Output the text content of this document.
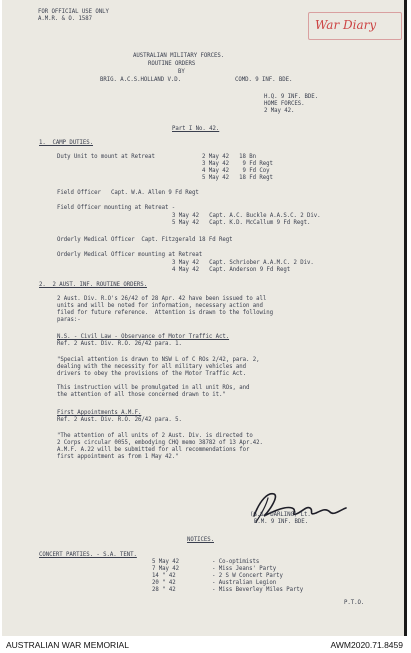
War Diary
FOR OFFICIAL USE ONLY
A.M.R. & O. 1587
AUSTRALIAN MILITARY FORCES.
ROUTINE ORDERS
BY
BRIG. A.C.S.HOLLAND V.D.	COMD. 9 INF. BDE.
H.Q. 9 INF. BDE.
HOME FORCES.
2 May 42.
Part I No. 42.
1.  CAMP DUTIES.
Duty Unit to mount at Retreat	2 May 42   18 Bn
3 May 42    9 Fd Regt
4 May 42    9 Fd Coy
5 May 42   18 Fd Regt
Field Officer   Capt. W.A. Allen 9 Fd Regt
Field Officer mounting at Retreat -
3 May 42   Capt. A.C. Buckle A.A.S.C. 2 Div.
5 May 42   Capt. K.D. McCallum 9 Fd Regt.
Orderly Medical Officer  Capt. Fitzgerald 18 Fd Regt
Orderly Medical Officer mounting at Retreat
3 May 42   Capt. Schriober A.A.M.C. 2 Div.
4 May 42   Capt. Anderson 9 Fd Regt
2.  2 AUST. INF. ROUTINE ORDERS.
2 Aust. Div. R.O's 26/42 of 28 Apr. 42 have been issued to all
units and will be noted for information, necessary action and
filed for future reference.  Attention is drawn to the following
paras:-
N.S. - Civil Law - Observance of Motor Traffic Act.
Ref. 2 Aust. Div. R.O. 26/42 para. 1.
"Special attention is drawn to NSW L of C ROs 2/42, para. 2,
dealing with the necessity for all military vehicles and
drivers to obey the provisions of the Motor Traffic Act.
This instruction will be promulgated in all unit ROs, and
the attention of all those concerned drawn to it."
First Appointments A.M.F.
Ref. 2 Aust. Div. R.O. 26/42 para. 5.
"The attention of all units of 2 Aust. Div. is directed to
2 Corps circular 0055, embodying CHQ memo 38782 of 13 Apr.42.
A.M.F. A.22 will be submitted for all recommendations for
first appointment as from 1 May 42."
(G.S. DARLING) Lt.
B.M. 9 INF. BDE.
NOTICES.
CONCERT PARTIES. - S.A. TENT.
5 May 42	- Co-optimists
7 May 42	- Miss Jeans' Party
14 " 42	- 2 S W Concert Party
20 " 42	- Australian Legion
28 " 42	- Miss Beverley Miles Party
P.T.O.
AUSTRALIAN WAR MEMORIAL	AWM2020.71.8459
